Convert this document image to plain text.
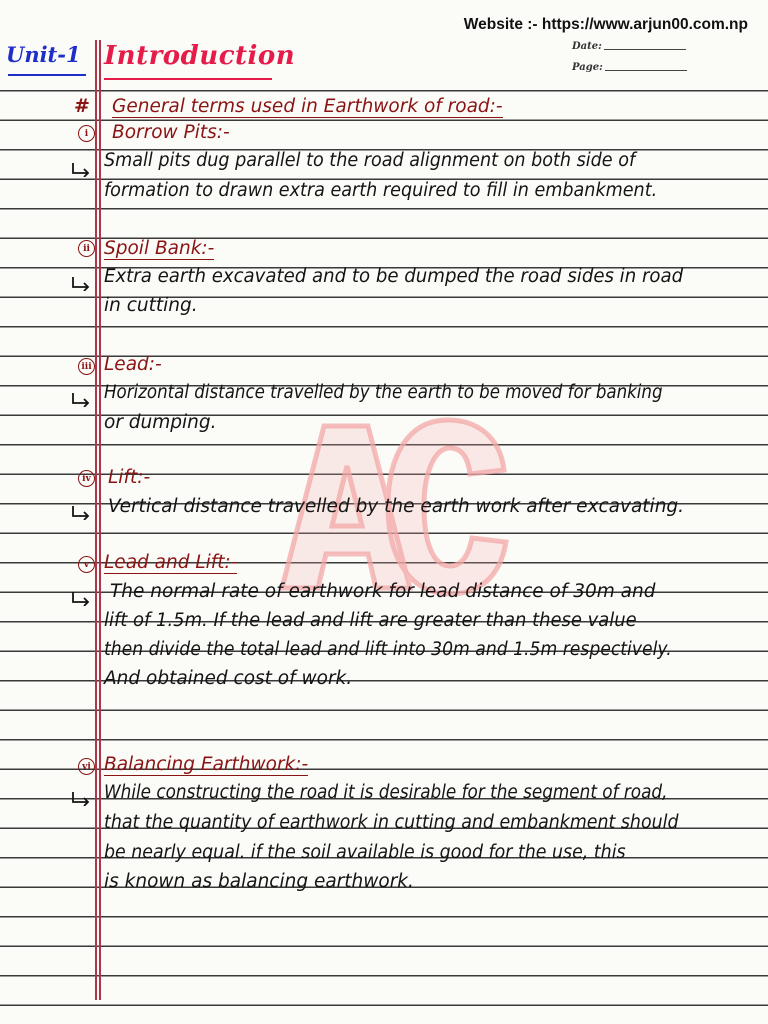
Website :- https://www.arjun00.com.np
Unit-1 Introduction	Date:
Page:
# General terms used in Earthwork of road:-
i	Borrow Pits:-
Small pits dug parallel to the road alignment on both side of
formation to drawn extra earth required to fill in embankment.
ii Spoil Bank:-
Extra earth excavated and to be dumped the road sides in road
in cutting.
iii Lead:-
Horizontal distance travelled by the earth to be moved for banking
or dumping.
iv Lift:-
Vertical distance travelled by the earth work after excavating.
v Lead and Lift:-
The normal rate of earthwork for lead distance of 30m and
lift of 1.5m. If the lead and lift are greater than these value
then divide the total lead and lift into 30m and 1.5m respectively.
And obtained cost of work.
vi Balancing Earthwork:-
While constructing the road it is desirable for the segment of road,
that the quantity of earthwork in cutting and embankment should
be nearly equal. if the soil available is good for the use, this
is known as balancing earthwork.
